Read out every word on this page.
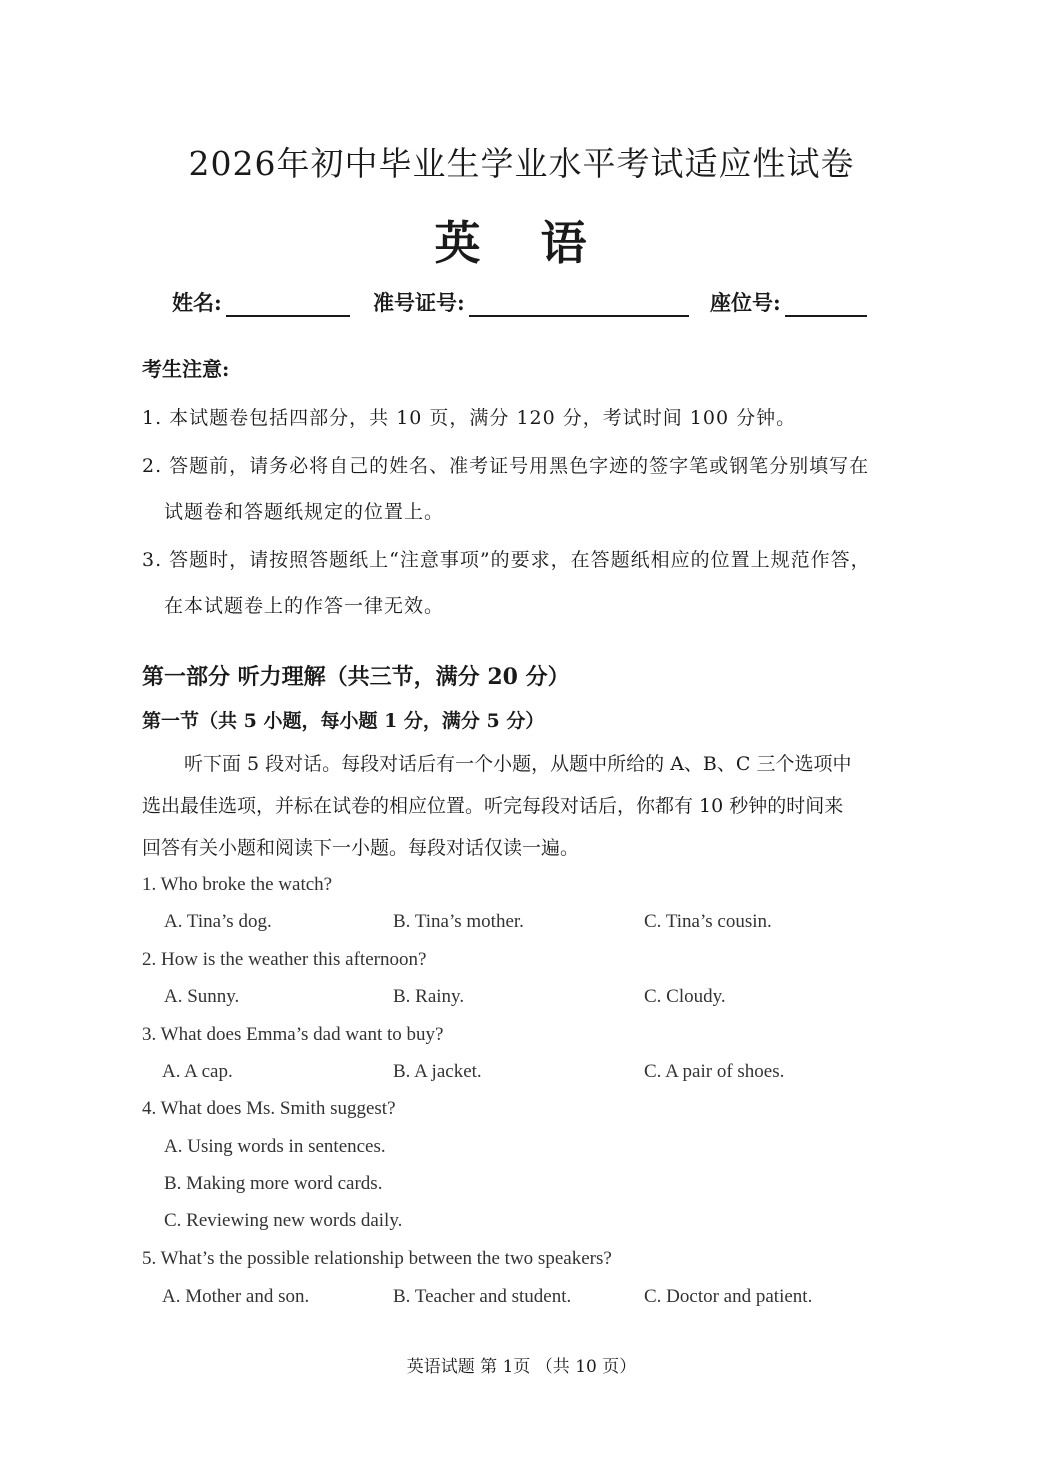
2026年初中毕业生学业水平考试适应性试卷
英 语
姓名:	准号证号:	座位号:
考生注意:
1. 本试题卷包括四部分，共 10 页，满分 120 分，考试时间 100 分钟。
2. 答题前，请务必将自己的姓名、准考证号用黑色字迹的签字笔或钢笔分别填写在
试题卷和答题纸规定的位置上。
3. 答题时，请按照答题纸上“注意事项”的要求，在答题纸相应的位置上规范作答，
在本试题卷上的作答一律无效。
第一部分 听力理解（共三节，满分 20 分）
第一节（共 5 小题，每小题 1 分，满分 5 分）
听下面 5 段对话。每段对话后有一个小题，从题中所给的 A、B、C 三个选项中
选出最佳选项，并标在试卷的相应位置。听完每段对话后，你都有 10 秒钟的时间来
回答有关小题和阅读下一小题。每段对话仅读一遍。
1. Who broke the watch?
A. Tina’s dog.	B. Tina’s mother.	C. Tina’s cousin.
2. How is the weather this afternoon?
A. Sunny.	B. Rainy.	C. Cloudy.
3. What does Emma’s dad want to buy?
A. A cap.	B. A jacket.	C. A pair of shoes.
4. What does Ms. Smith suggest?
A. Using words in sentences.
B. Making more word cards.
C. Reviewing new words daily.
5. What’s the possible relationship between the two speakers?
A. Mother and son.	B. Teacher and student.	C. Doctor and patient.
英语试题 第 1页 （共 10 页）
